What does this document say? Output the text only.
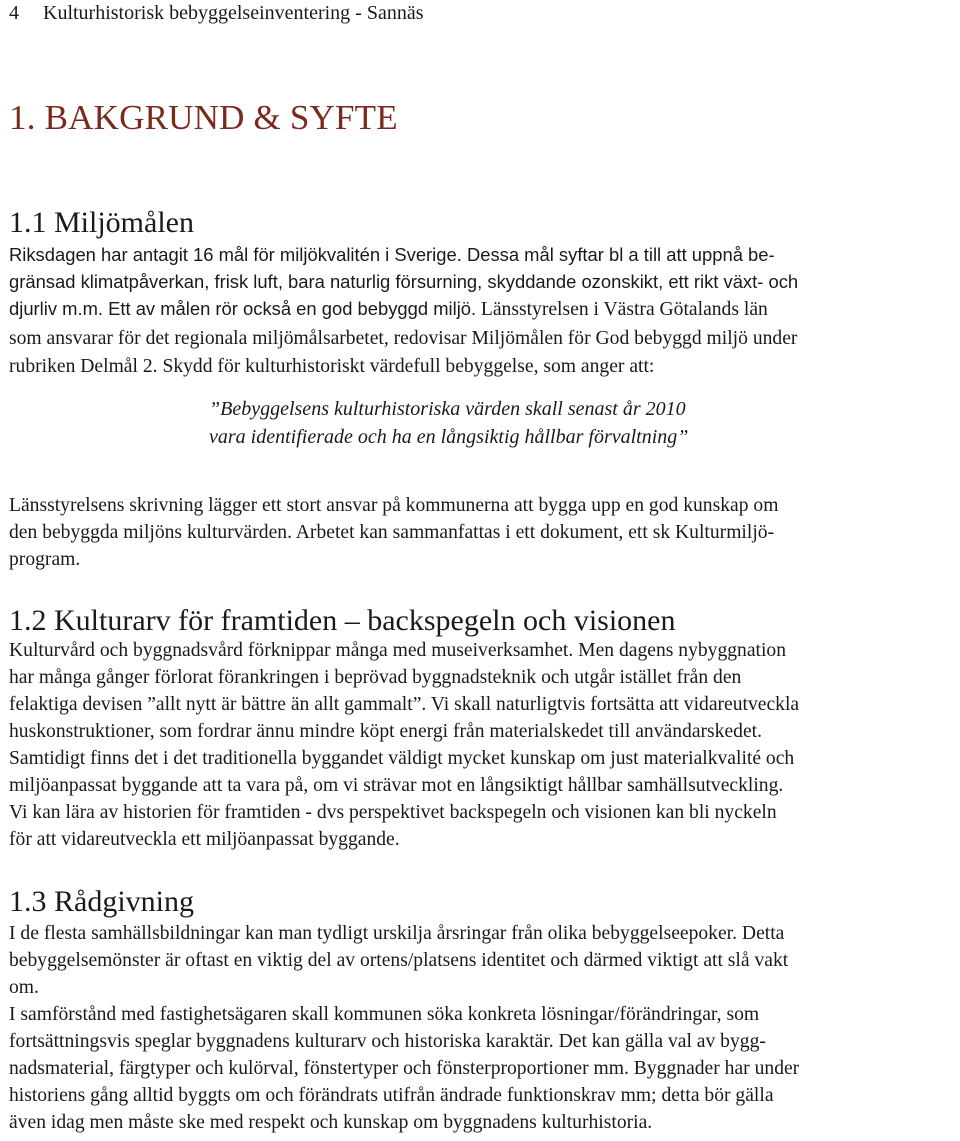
4 Kulturhistorisk bebyggelseinventering - Sannäs
1. BAKGRUND & SYFTE
1.1 Miljömålen
Riksdagen har antagit 16 mål för miljökvalitén i Sverige. Dessa mål syftar bl a till att uppnå be-
gränsad klimatpåverkan, frisk luft, bara naturlig försurning, skyddande ozonskikt, ett rikt växt- och
djurliv m.m. Ett av målen rör också en god bebyggd miljö. Länsstyrelsen i Västra Götalands län
som ansvarar för det regionala miljömålsarbetet, redovisar Miljömålen för God bebyggd miljö under
rubriken Delmål 2. Skydd för kulturhistoriskt värdefull bebyggelse, som anger att:
”Bebyggelsens kulturhistoriska värden skall senast år 2010
vara identifierade och ha en långsiktig hållbar förvaltning”
Länsstyrelsens skrivning lägger ett stort ansvar på kommunerna att bygga upp en god kunskap om
den bebyggda miljöns kulturvärden. Arbetet kan sammanfattas i ett dokument, ett sk Kulturmiljö-
program.
1.2 Kulturarv för framtiden – backspegeln och visionen
Kulturvård och byggnadsvård förknippar många med museiverksamhet. Men dagens nybyggnation
har många gånger förlorat förankringen i beprövad byggnadsteknik och utgår istället från den
felaktiga devisen ”allt nytt är bättre än allt gammalt”. Vi skall naturligtvis fortsätta att vidareutveckla
huskonstruktioner, som fordrar ännu mindre köpt energi från materialskedet till användarskedet.
Samtidigt finns det i det traditionella byggandet väldigt mycket kunskap om just materialkvalité och
miljöanpassat byggande att ta vara på, om vi strävar mot en långsiktigt hållbar samhällsutveckling.
Vi kan lära av historien för framtiden - dvs perspektivet backspegeln och visionen kan bli nyckeln
för att vidareutveckla ett miljöanpassat byggande.
1.3 Rådgivning
I de flesta samhällsbildningar kan man tydligt urskilja årsringar från olika bebyggelseepoker. Detta
bebyggelsemönster är oftast en viktig del av ortens/platsens identitet och därmed viktigt att slå vakt
om.
I samförstånd med fastighetsägaren skall kommunen söka konkreta lösningar/förändringar, som
fortsättningsvis speglar byggnadens kulturarv och historiska karaktär. Det kan gälla val av bygg-
nadsmaterial, färgtyper och kulörval, fönstertyper och fönsterproportioner mm. Byggnader har under
historiens gång alltid byggts om och förändrats utifrån ändrade funktionskrav mm; detta bör gälla
även idag men måste ske med respekt och kunskap om byggnadens kulturhistoria.
